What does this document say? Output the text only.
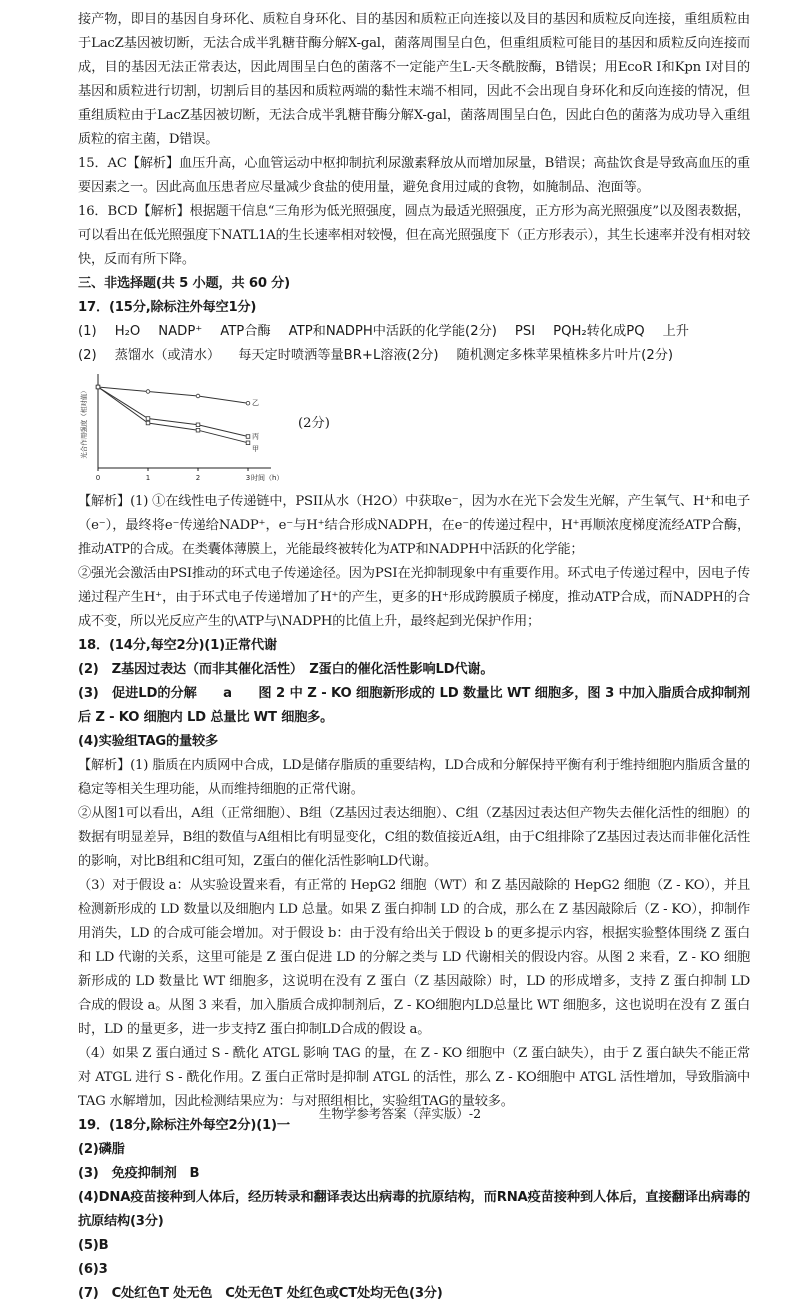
接产物，即目的基因自身环化、质粒自身环化、目的基因和质粒正向连接以及目的基因和质粒反向连接，重组质粒由于LacZ基因被切断，无法合成半乳糖苷酶分解X-gal，菌落周围呈白色，但重组质粒可能目的基因和质粒反向连接而成，目的基因无法正常表达，因此周围呈白色的菌落不一定能产生L-天冬酰胺酶，B错误；用EcoR Ⅰ和Kpn Ⅰ对目的基因和质粒进行切割，切割后目的基因和质粒两端的黏性末端不相同，因此不会出现自身环化和反向连接的情况，但重组质粒由于LacZ基因被切断，无法合成半乳糖苷酶分解X-gal，菌落周围呈白色，因此白色的菌落为成功导入重组质粒的宿主菌，D错误。

15．AC【解析】血压升高，心血管运动中枢抑制抗利尿激素释放从而增加尿量，B错误；高盐饮食是导致高血压的重要因素之一。因此高血压患者应尽量减少食盐的使用量，避免食用过咸的食物，如腌制品、泡面等。

16．BCD【解析】根据题干信息“三角形为低光照强度，圆点为最适光照强度，正方形为高光照强度”以及图表数据，可以看出在低光照强度下NATL1A的生长速率相对较慢，但在高光照强度下（正方形表示），其生长速率并没有相对较快，反而有所下降。

三、非选择题(共 5 小题，共 60 分)

17．(15分,除标注外每空1分)

(1) H₂O NADP⁺ ATP合酶 ATP和NADPH中活跃的化学能(2分) PSI PQH₂转化成PQ 上升
(2) 蒸馏水（或清水） 每天定时喷洒等量BR+L溶液(2分) 随机测定多株苹果植株多片叶片(2分)
0	1	2	3 时间（h）
光合作用强度（相对值）	乙
丙
甲
(2分)

【解析】(1) ①在线性电子传递链中，PSII从水（H2O）中获取e⁻，因为水在光下会发生光解，产生氧气、H⁺和电子（e⁻），最终将e⁻传递给NADP⁺，e⁻与H⁺结合形成NADPH，在e⁻的传递过程中，H⁺再顺浓度梯度流经ATP合酶，推动ATP的合成。在类囊体薄膜上，光能最终被转化为ATP和NADPH中活跃的化学能；

②强光会激活由PSI推动的环式电子传递途径。因为PSI在光抑制现象中有重要作用。环式电子传递过程中，因电子传递过程产生H⁺，由于环式电子传递增加了H⁺的产生，更多的H⁺形成跨膜质子梯度，推动ATP合成，而NADPH的合成不变，所以光反应产生的\ATP与\NADPH的比值上升，最终起到光保护作用；

18．(14分,每空2分)(1)正常代谢

(2)　Z基因过表达（而非其催化活性）　Z蛋白的催化活性影响LD代谢。

(3)　促进LD的分解　　a　　图 2 中 Z - KO 细胞新形成的 LD 数量比 WT 细胞多，图 3 中加入脂质合成抑制剂后 Z - KO 细胞内 LD 总量比 WT 细胞多。

(4)实验组TAG的量较多

【解析】(1) 脂质在内质网中合成，LD是储存脂质的重要结构，LD合成和分解保持平衡有利于维持细胞内脂质含量的稳定等相关生理功能，从而维持细胞的正常代谢。

②从图1可以看出，A组（正常细胞）、B组（Z基因过表达细胞）、C组（Z基因过表达但产物失去催化活性的细胞）的数据有明显差异，B组的数值与A组相比有明显变化，C组的数值接近A组，由于C组排除了Z基因过表达而非催化活性的影响，对比B组和C组可知，Z蛋白的催化活性影响LD代谢。

（3）对于假设 a：从实验设置来看，有正常的 HepG2 细胞（WT）和 Z 基因敲除的 HepG2 细胞（Z - KO），并且检测新形成的 LD 数量以及细胞内 LD 总量。如果 Z 蛋白抑制 LD 的合成，那么在 Z 基因敲除后（Z - KO），抑制作用消失，LD 的合成可能会增加。对于假设 b：由于没有给出关于假设 b 的更多提示内容，根据实验整体围绕 Z 蛋白和 LD 代谢的关系，这里可能是 Z 蛋白促进 LD 的分解之类与 LD 代谢相关的假设内容。从图 2 来看，Z - KO 细胞新形成的 LD 数量比 WT 细胞多，这说明在没有 Z 蛋白（Z 基因敲除）时，LD 的形成增多，支持 Z 蛋白抑制 LD 合成的假设 a。从图 3 来看，加入脂质合成抑制剂后，Z - KO细胞内LD总量比 WT 细胞多，这也说明在没有 Z 蛋白时，LD 的量更多，进一步支持Z 蛋白抑制LD合成的假设 a。

（4）如果 Z 蛋白通过 S - 酰化 ATGL 影响 TAG 的量，在 Z - KO 细胞中（Z 蛋白缺失），由于 Z 蛋白缺失不能正常对 ATGL 进行 S - 酰化作用。Z 蛋白正常时是抑制 ATGL 的活性，那么 Z - KO细胞中 ATGL 活性增加，导致脂滴中 TAG 水解增加，因此检测结果应为：与对照组相比，实验组TAG的量较多。

19．(18分,除标注外每空2分)(1)一

(2)磷脂

(3)　免疫抑制剂　B

(4)DNA疫苗接种到人体后，经历转录和翻译表达出病毒的抗原结构，而RNA疫苗接种到人体后，直接翻译出病毒的抗原结构(3分)

(5)B

(6)3

(7)　C处红色T 处无色　C处无色T 处红色或CT处均无色(3分)

生物学参考答案（萍实版）-2
